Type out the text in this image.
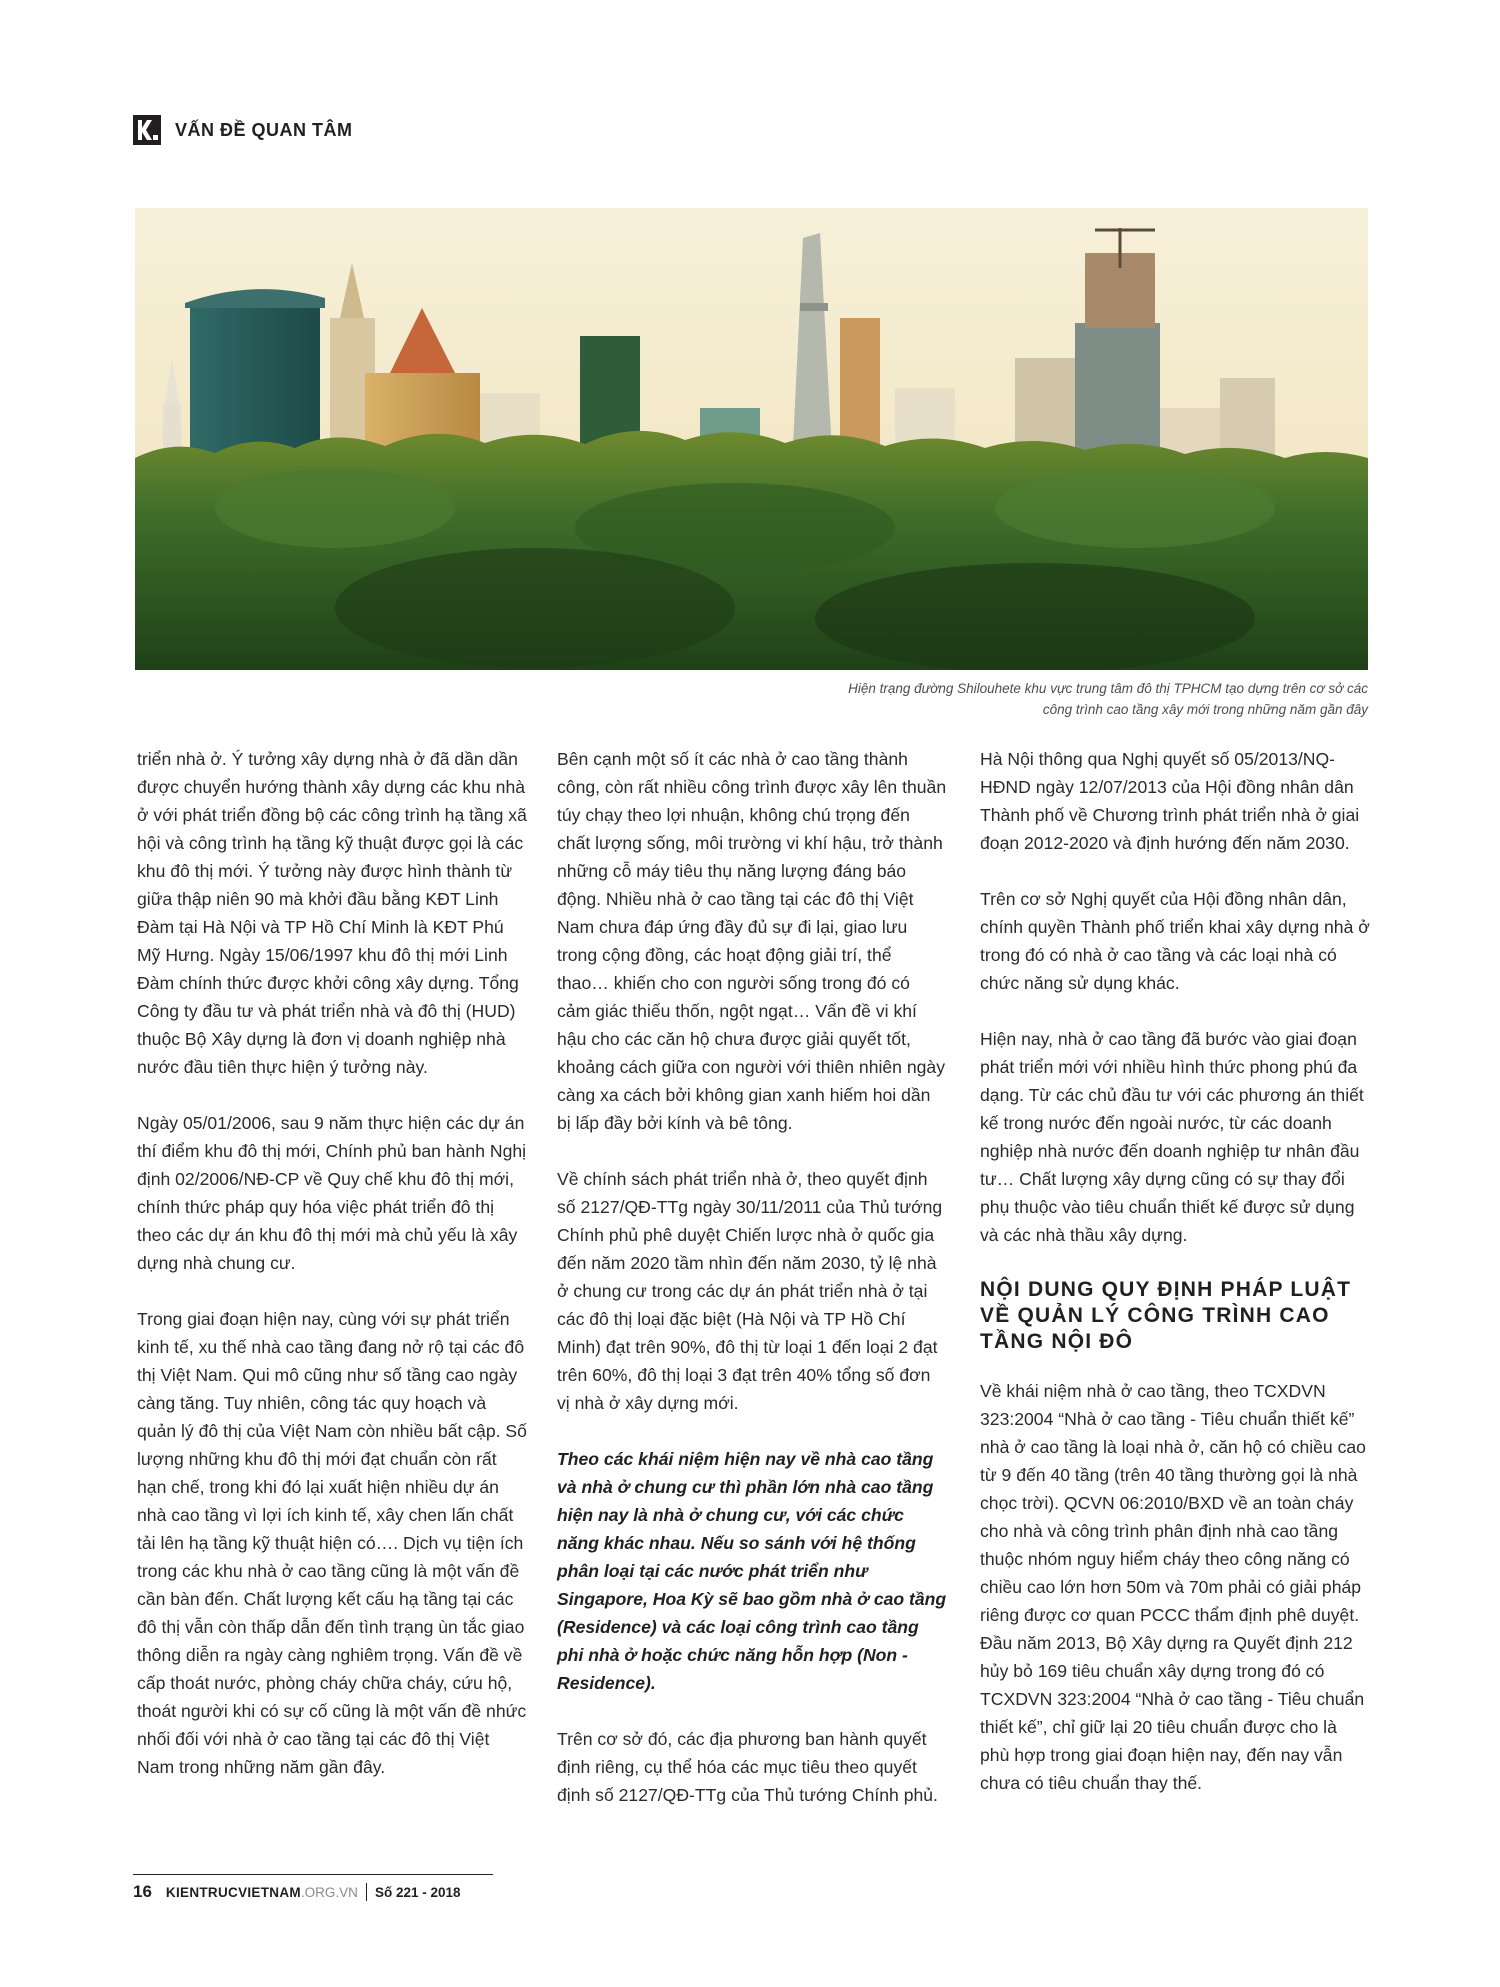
VẤN ĐỀ QUAN TÂM
Hiện trạng đường Shilouhete khu vực trung tâm đô thị TPHCM tạo dựng trên cơ sở các
công trình cao tầng xây mới trong những năm gần đây

triển nhà ở. Ý tưởng xây dựng nhà ở đã dần dần được chuyển hướng thành xây dựng các khu nhà ở với phát triển đồng bộ các công trình hạ tầng xã hội và công trình hạ tầng kỹ thuật được gọi là các khu đô thị mới. Ý tưởng này được hình thành từ giữa thập niên 90 mà khởi đầu bằng KĐT Linh Đàm tại Hà Nội và TP Hồ Chí Minh là KĐT Phú Mỹ Hưng. Ngày 15/06/1997 khu đô thị mới Linh Đàm chính thức được khởi công xây dựng. Tổng Công ty đầu tư và phát triển nhà và đô thị (HUD) thuộc Bộ Xây dựng là đơn vị doanh nghiệp nhà nước đầu tiên thực hiện ý tưởng này.

Ngày 05/01/2006, sau 9 năm thực hiện các dự án thí điểm khu đô thị mới, Chính phủ ban hành Nghị định 02/2006/NĐ-CP về Quy chế khu đô thị mới, chính thức pháp quy hóa việc phát triển đô thị theo các dự án khu đô thị mới mà chủ yếu là xây dựng nhà chung cư.

Trong giai đoạn hiện nay, cùng với sự phát triển kinh tế, xu thế nhà cao tầng đang nở rộ tại các đô thị Việt Nam. Qui mô cũng như số tầng cao ngày càng tăng. Tuy nhiên, công tác quy hoạch và quản lý đô thị của Việt Nam còn nhiều bất cập. Số lượng những khu đô thị mới đạt chuẩn còn rất hạn chế, trong khi đó lại xuất hiện nhiều dự án nhà cao tầng vì lợi ích kinh tế, xây chen lấn chất tải lên hạ tầng kỹ thuật hiện có…. Dịch vụ tiện ích trong các khu nhà ở cao tầng cũng là một vấn đề cần bàn đến. Chất lượng kết cấu hạ tầng tại các đô thị vẫn còn thấp dẫn đến tình trạng ùn tắc giao thông diễn ra ngày càng nghiêm trọng. Vấn đề về cấp thoát nước, phòng cháy chữa cháy, cứu hộ, thoát người khi có sự cố cũng là một vấn đề nhức nhối đối với nhà ở cao tầng tại các đô thị Việt Nam trong những năm gần đây.

Bên cạnh một số ít các nhà ở cao tầng thành công, còn rất nhiều công trình được xây lên thuần túy chạy theo lợi nhuận, không chú trọng đến chất lượng sống, môi trường vi khí hậu, trở thành những cỗ máy tiêu thụ năng lượng đáng báo động. Nhiều nhà ở cao tầng tại các đô thị Việt Nam chưa đáp ứng đầy đủ sự đi lại, giao lưu trong cộng đồng, các hoạt động giải trí, thể thao… khiến cho con người sống trong đó có cảm giác thiếu thốn, ngột ngạt… Vấn đề vi khí hậu cho các căn hộ chưa được giải quyết tốt, khoảng cách giữa con người với thiên nhiên ngày càng xa cách bởi không gian xanh hiếm hoi dần bị lấp đầy bởi kính và bê tông.

Về chính sách phát triển nhà ở, theo quyết định số 2127/QĐ-TTg ngày 30/11/2011 của Thủ tướng Chính phủ phê duyệt Chiến lược nhà ở quốc gia đến năm 2020 tầm nhìn đến năm 2030, tỷ lệ nhà ở chung cư trong các dự án phát triển nhà ở tại các đô thị loại đặc biệt (Hà Nội và TP Hồ Chí Minh) đạt trên 90%, đô thị từ loại 1 đến loại 2 đạt trên 60%, đô thị loại 3 đạt trên 40% tổng số đơn vị nhà ở xây dựng mới.

Theo các khái niệm hiện nay về nhà cao tầng và nhà ở chung cư thì phần lớn nhà cao tầng hiện nay là nhà ở chung cư, với các chức năng khác nhau. Nếu so sánh với hệ thống phân loại tại các nước phát triển như Singapore, Hoa Kỳ sẽ bao gồm nhà ở cao tầng (Residence) và các loại công trình cao tầng phi nhà ở hoặc chức năng hỗn hợp (Non - Residence).

Trên cơ sở đó, các địa phương ban hành quyết định riêng, cụ thể hóa các mục tiêu theo quyết định số 2127/QĐ-TTg của Thủ tướng Chính phủ.

Hà Nội thông qua Nghị quyết số 05/2013/NQ-HĐND ngày 12/07/2013 của Hội đồng nhân dân Thành phố về Chương trình phát triển nhà ở giai đoạn 2012-2020 và định hướng đến năm 2030.

Trên cơ sở Nghị quyết của Hội đồng nhân dân, chính quyền Thành phố triển khai xây dựng nhà ở trong đó có nhà ở cao tầng và các loại nhà có chức năng sử dụng khác.

Hiện nay, nhà ở cao tầng đã bước vào giai đoạn phát triển mới với nhiều hình thức phong phú đa dạng. Từ các chủ đầu tư với các phương án thiết kế trong nước đến ngoài nước, từ các doanh nghiệp nhà nước đến doanh nghiệp tư nhân đầu tư… Chất lượng xây dựng cũng có sự thay đổi phụ thuộc vào tiêu chuẩn thiết kế được sử dụng và các nhà thầu xây dựng.

NỘI DUNG QUY ĐỊNH PHÁP LUẬT VỀ QUẢN LÝ CÔNG TRÌNH CAO TẦNG NỘI ĐÔ

Về khái niệm nhà ở cao tầng, theo TCXDVN 323:2004 “Nhà ở cao tầng - Tiêu chuẩn thiết kế” nhà ở cao tầng là loại nhà ở, căn hộ có chiều cao từ 9 đến 40 tầng (trên 40 tầng thường gọi là nhà chọc trời). QCVN 06:2010/BXD về an toàn cháy cho nhà và công trình phân định nhà cao tầng thuộc nhóm nguy hiểm cháy theo công năng có chiều cao lớn hơn 50m và 70m phải có giải pháp riêng được cơ quan PCCC thẩm định phê duyệt. Đầu năm 2013, Bộ Xây dựng ra Quyết định 212 hủy bỏ 169 tiêu chuẩn xây dựng trong đó có TCXDVN 323:2004 “Nhà ở cao tầng - Tiêu chuẩn thiết kế”, chỉ giữ lại 20 tiêu chuẩn được cho là phù hợp trong giai đoạn hiện nay, đến nay vẫn chưa có tiêu chuẩn thay thế.

16 KIENTRUCVIETNAM .ORG.VN Số 221 - 2018
